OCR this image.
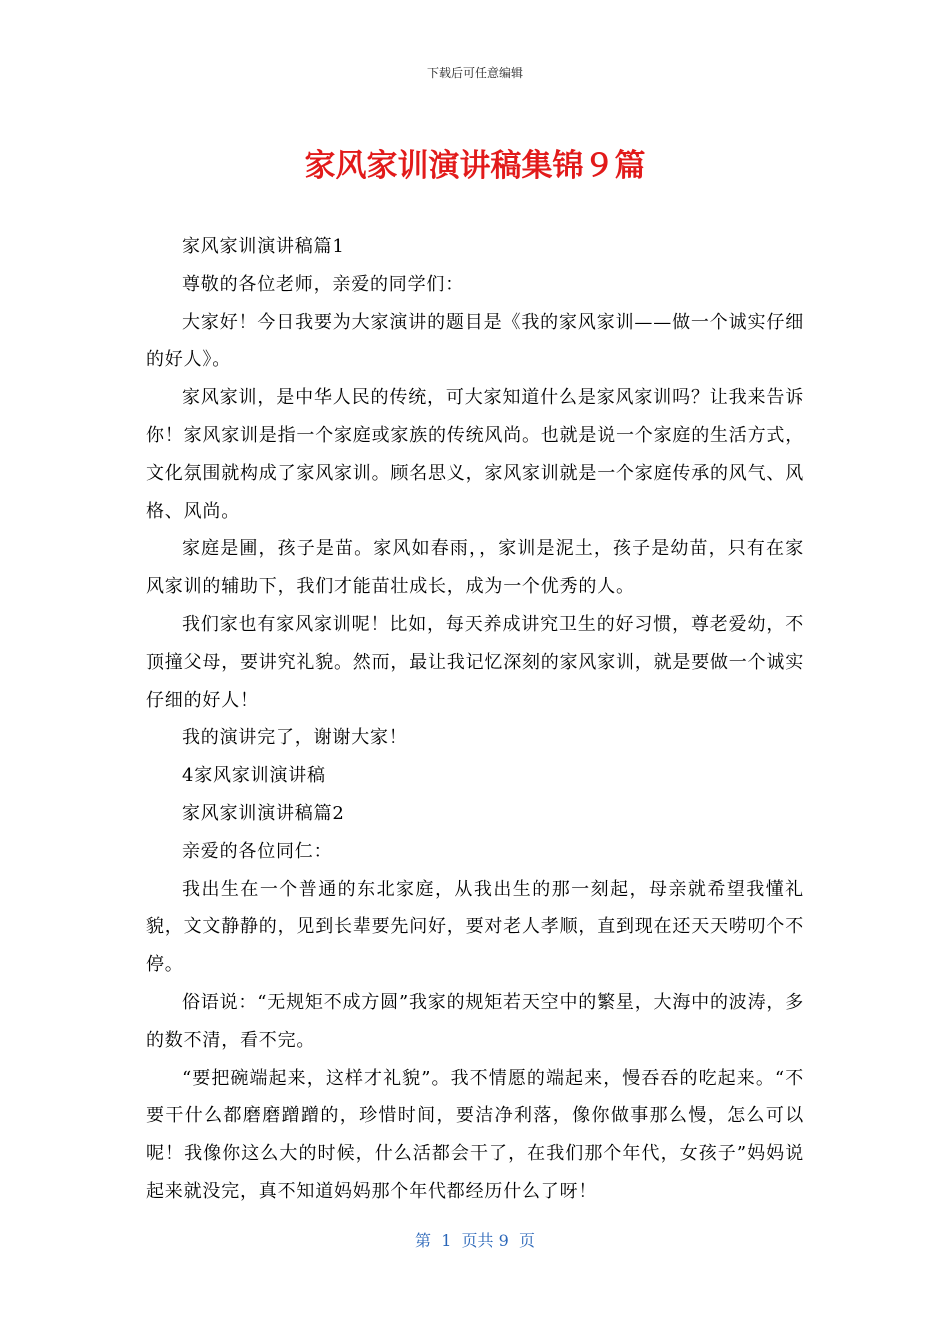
下载后可任意编辑
家风家训演讲稿集锦９篇

家风家训演讲稿篇1

尊敬的各位老师，亲爱的同学们：

大家好！今日我要为大家演讲的题目是《我的家风家训——做一个诚实仔细的好人》。

家风家训，是中华人民的传统，可大家知道什么是家风家训吗？让我来告诉你！家风家训是指一个家庭或家族的传统风尚。也就是说一个家庭的生活方式，文化氛围就构成了家风家训。顾名思义，家风家训就是一个家庭传承的风气、风格、风尚。

家庭是圃，孩子是苗。家风如春雨，，家训是泥土，孩子是幼苗，只有在家风家训的辅助下，我们才能苗壮成长，成为一个优秀的人。

我们家也有家风家训呢！比如，每天养成讲究卫生的好习惯，尊老爱幼，不顶撞父母，要讲究礼貌。然而，最让我记忆深刻的家风家训，就是要做一个诚实仔细的好人！

我的演讲完了，谢谢大家！

4家风家训演讲稿

家风家训演讲稿篇2

亲爱的各位同仁：

我出生在一个普通的东北家庭，从我出生的那一刻起，母亲就希望我懂礼貌，文文静静的，见到长辈要先问好，要对老人孝顺，直到现在还天天唠叨个不停。

俗语说：“无规矩不成方圆”我家的规矩若天空中的繁星，大海中的波涛，多的数不清，看不完。

“要把碗端起来，这样才礼貌”。我不情愿的端起来，慢吞吞的吃起来。“不要干什么都磨磨蹭蹭的，珍惜时间，要洁净利落，像你做事那么慢，怎么可以呢！我像你这么大的时候，什么活都会干了，在我们那个年代，女孩子”妈妈说起来就没完，真不知道妈妈那个年代都经历什么了呀！

第  1  页共 9  页
